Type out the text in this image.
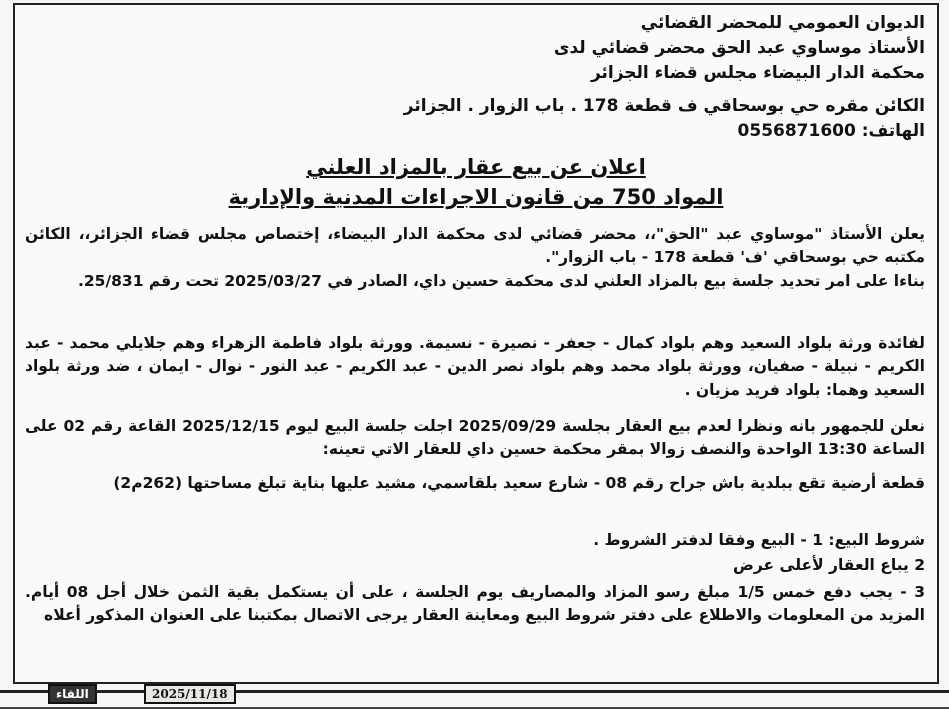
الديوان العمومي للمحضر القضائي
الأستاذ موساوي عبد الحق محضر قضائي لدى
محكمة الدار البيضاء مجلس قضاء الجزائر
الكائن مقره حي بوسحاقي ف قطعة 178 . باب الزوار . الجزائر
الهاتف: 0556871600
اعلان عن بيع عقار بالمزاد العلني
المواد 750 من قانون الاجراءات المدنية والإدارية
يعلن الأستاذ "موساوي عبد "الحق"،، محضر قضائي لدى محكمة الدار البيضاء، إختصاص مجلس قضاء الجزائر،، الكائن مكتبه حي بوسحاقي 'ف' قطعة 178 - باب الزوار".
بناءا على امر تحديد جلسة بيع بالمزاد العلني لدى محكمة حسين داي، الصادر في 2025/03/27 تحت رقم 25/831.
لفائدة ورثة بلواد السعيد وهم بلواد كمال - جعفر - نصيرة - نسيمة. وورثة بلواد فاطمة الزهراء وهم جلايلي محمد - عبد الكريم - نبيلة - صفيان، وورثة بلواد محمد وهم بلواد نصر الدين - عبد الكريم - عبد النور - نوال - ايمان ، ضد ورثة بلواد السعيد وهما: بلواد فريد مزيان .
نعلن للجمهور بانه ونظرا لعدم بيع العقار بجلسة 2025/09/29 اجلت جلسة البيع ليوم 2025/12/15 القاعة رقم 02 على الساعة 13:30 الواحدة والنصف زوالا بمقر محكمة حسين داي للعقار الاتي تعينه:
قطعة أرضية تقع ببلدية باش جراح رقم 08 - شارع سعيد بلقاسمي، مشيد عليها بناية تبلغ مساحتها (262م2)
شروط البيع: 1 - البيع وفقا لدفتر الشروط .
2 يباع العقار لأعلى عرض
3 - يجب دفع خمس 1/5 مبلغ رسو المزاد والمصاريف يوم الجلسة ، على أن يستكمل بقية الثمن خلال أجل 08 أيام. المزيد من المعلومات والاطلاع على دفتر شروط البيع ومعاينة العقار يرجى الاتصال بمكتبنا على العنوان المذكور أعلاه
2025/11/18
اللقاء
